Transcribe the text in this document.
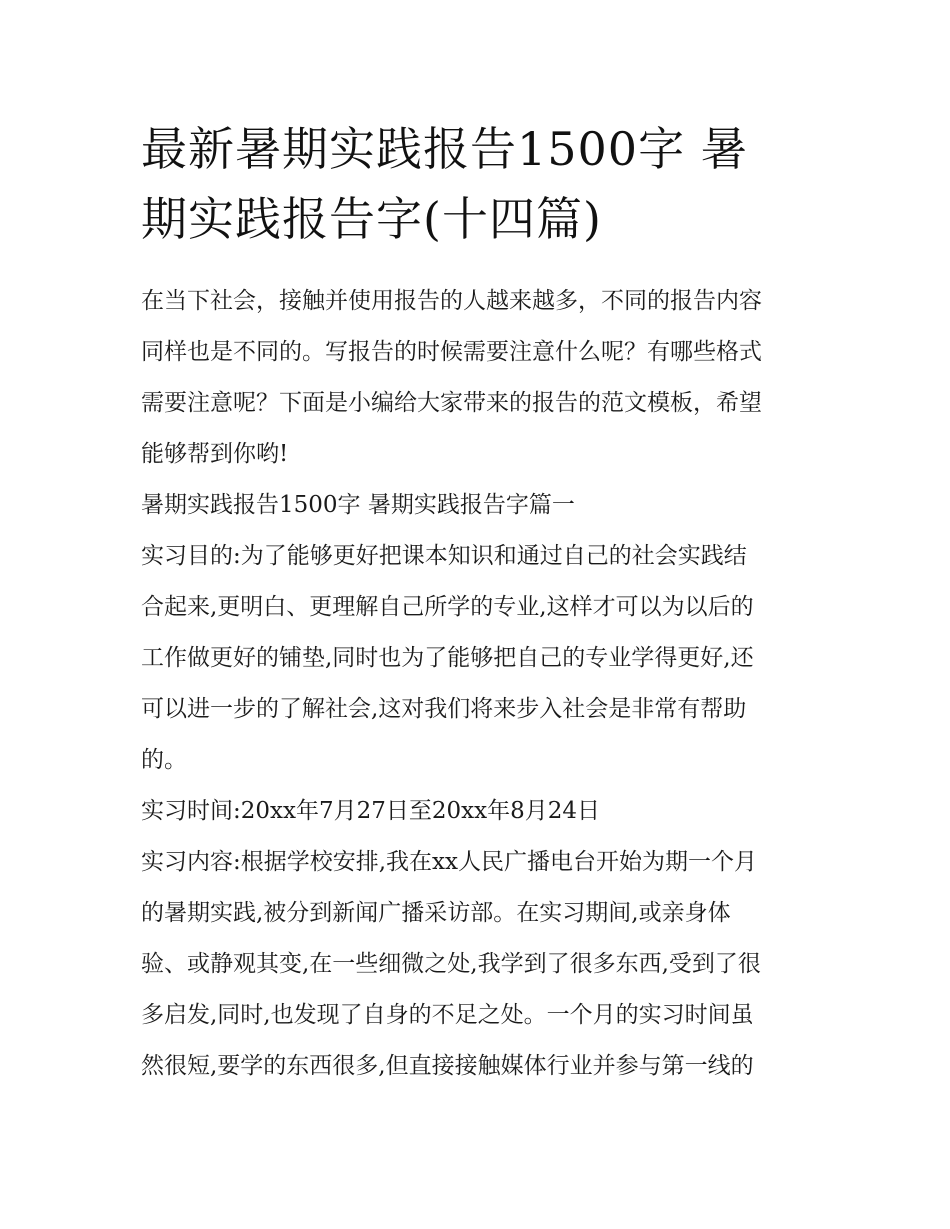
最新暑期实践报告1500字 暑
期实践报告字(十四篇)
在当下社会，接触并使用报告的人越来越多，不同的报告内容
同样也是不同的。写报告的时候需要注意什么呢？有哪些格式
需要注意呢？下面是小编给大家带来的报告的范文模板，希望
能够帮到你哟!
暑期实践报告1500字 暑期实践报告字篇一
实习目的:为了能够更好把课本知识和通过自己的社会实践结
合起来,更明白、更理解自己所学的专业,这样才可以为以后的
工作做更好的铺垫,同时也为了能够把自己的专业学得更好,还
可以进一步的了解社会,这对我们将来步入社会是非常有帮助
的。
实习时间:20xx年7月27日至20xx年8月24日
实习内容:根据学校安排,我在xx人民广播电台开始为期一个月
的暑期实践,被分到新闻广播采访部。在实习期间,或亲身体
验、或静观其变,在一些细微之处,我学到了很多东西,受到了很
多启发,同时,也发现了自身的不足之处。一个月的实习时间虽
然很短,要学的东西很多,但直接接触媒体行业并参与第一线的
